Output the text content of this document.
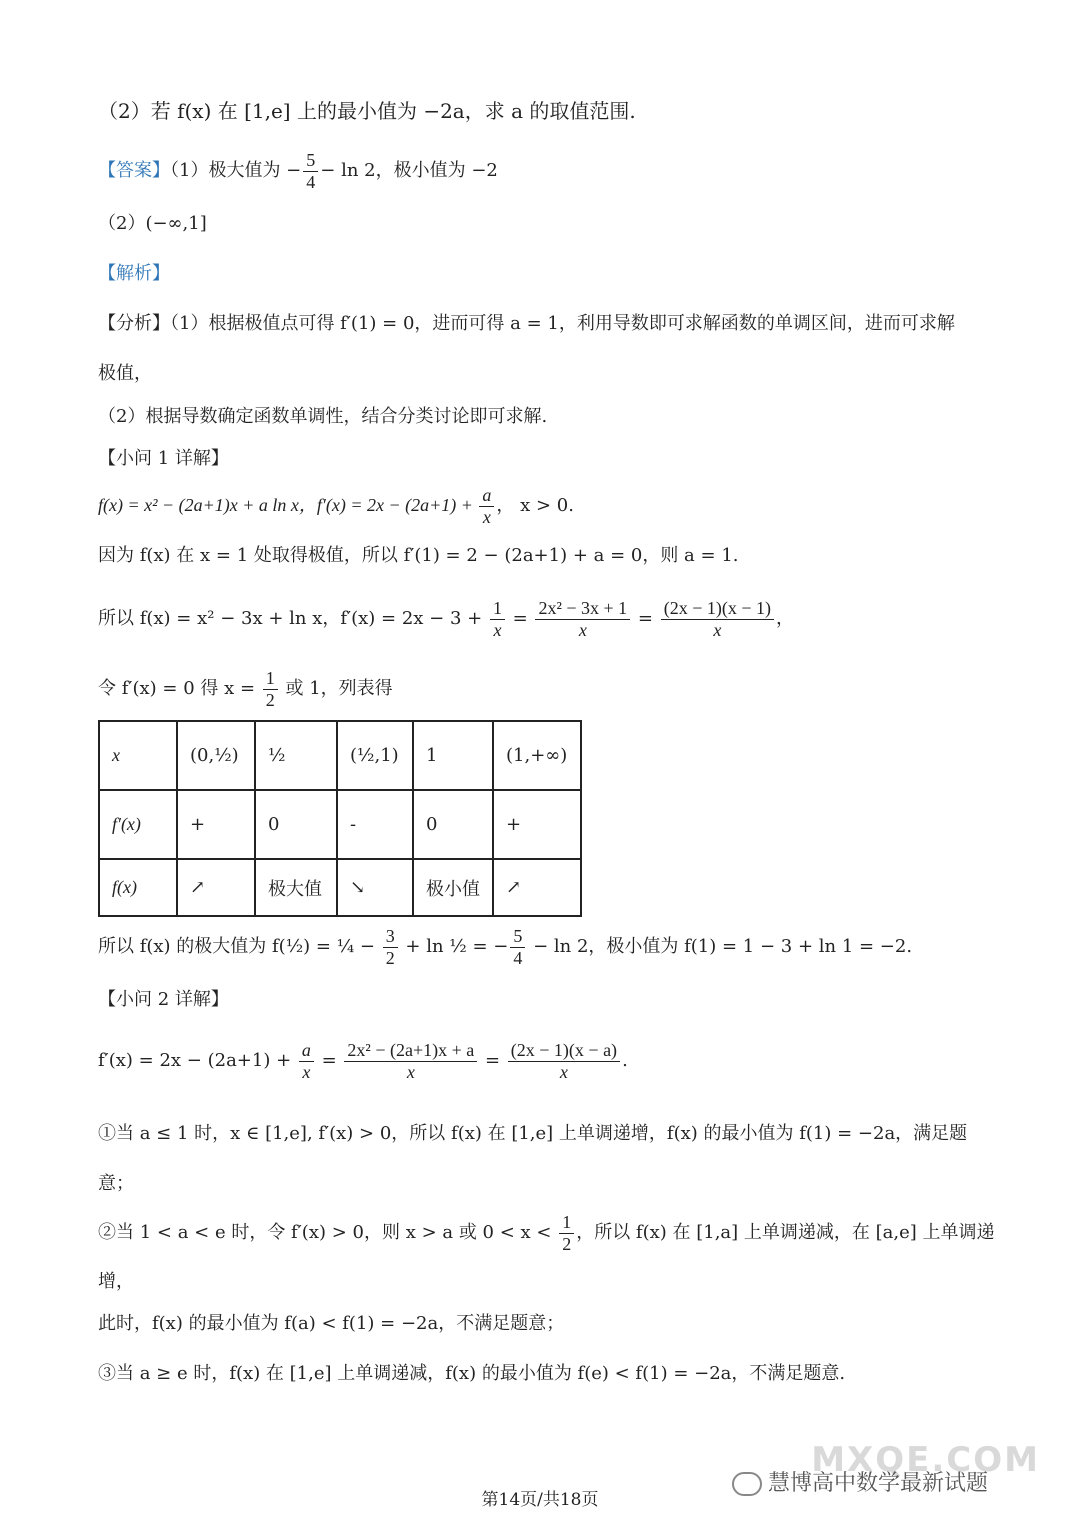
（2）若 f(x) 在 [1,e] 上的最小值为 −2a，求 a 的取值范围.
【答案】（1）极大值为 − $\frac{5}{4} - \ln 2$，极小值为 −2
（2）(−∞,1]
【解析】
【分析】（1）根据极值点可得 f′(1) = 0，进而可得 a = 1，利用导数即可求解函数的单调区间，进而可求解
极值，
（2）根据导数确定函数单调性，结合分类讨论即可求解.
【小问 1 详解】
f(x) = x² − (2a+1)x + a ln x，$f'(x) = 2x - (2a+1) + \frac{a}{x}$ ， x > 0.
因为 f(x) 在 x = 1 处取得极值，所以 f′(1) = 2 − (2a+1) + a = 0，则 a = 1.
所以 f(x) = x² − 3x + ln x，$f'(x) = 2x - 3 + \frac{1}{x} = \frac{\text{2x² − 3x + 1}}{x} = \frac{(2x - 1)(x - 1)}{x}$ ，
令 f′(x) = 0 得 $x = \frac{1}{2}$ 或 1，列表得
x	(0,½)	½	(½,1)	1	(1,+∞)
f′(x)	+	0	-	0	+
f(x)	↗	极大值	↘	极小值	↗
所以 f(x) 的极大值为 f(½) = ¼ − $\frac{3}{2} + \ln$ ½ = − $\frac{5}{4} - \ln 2$，极小值为 f(1) = 1 − 3 + ln 1 = −2.
【小问 2 详解】
$f'(x) = 2x - (2a+1) + \frac{a}{x} = \frac{\text{2x² − (2a+1)x + a}}{x} = \frac{(2x - 1)(x - a)}{x}$ .
①当 a ≤ 1 时，x ∈ [1,e], f′(x) > 0，所以 f(x) 在 [1,e] 上单调递增，f(x) 的最小值为 f(1) = −2a，满足题
意；
②当 1 < a < e 时，令 f′(x) > 0，则 x > a 或 $0 < x < \frac{1}{2}$ ，所以 f(x) 在 [1,a] 上单调递减，在 [a,e] 上单调递
增，
此时，f(x) 的最小值为 f(a) < f(1) = −2a，不满足题意；
③当 a ≥ e 时，f(x) 在 [1,e] 上单调递减，f(x) 的最小值为 f(e) < f(1) = −2a，不满足题意.
MXQE.COM
慧博高中数学最新试题
第14页/共18页
